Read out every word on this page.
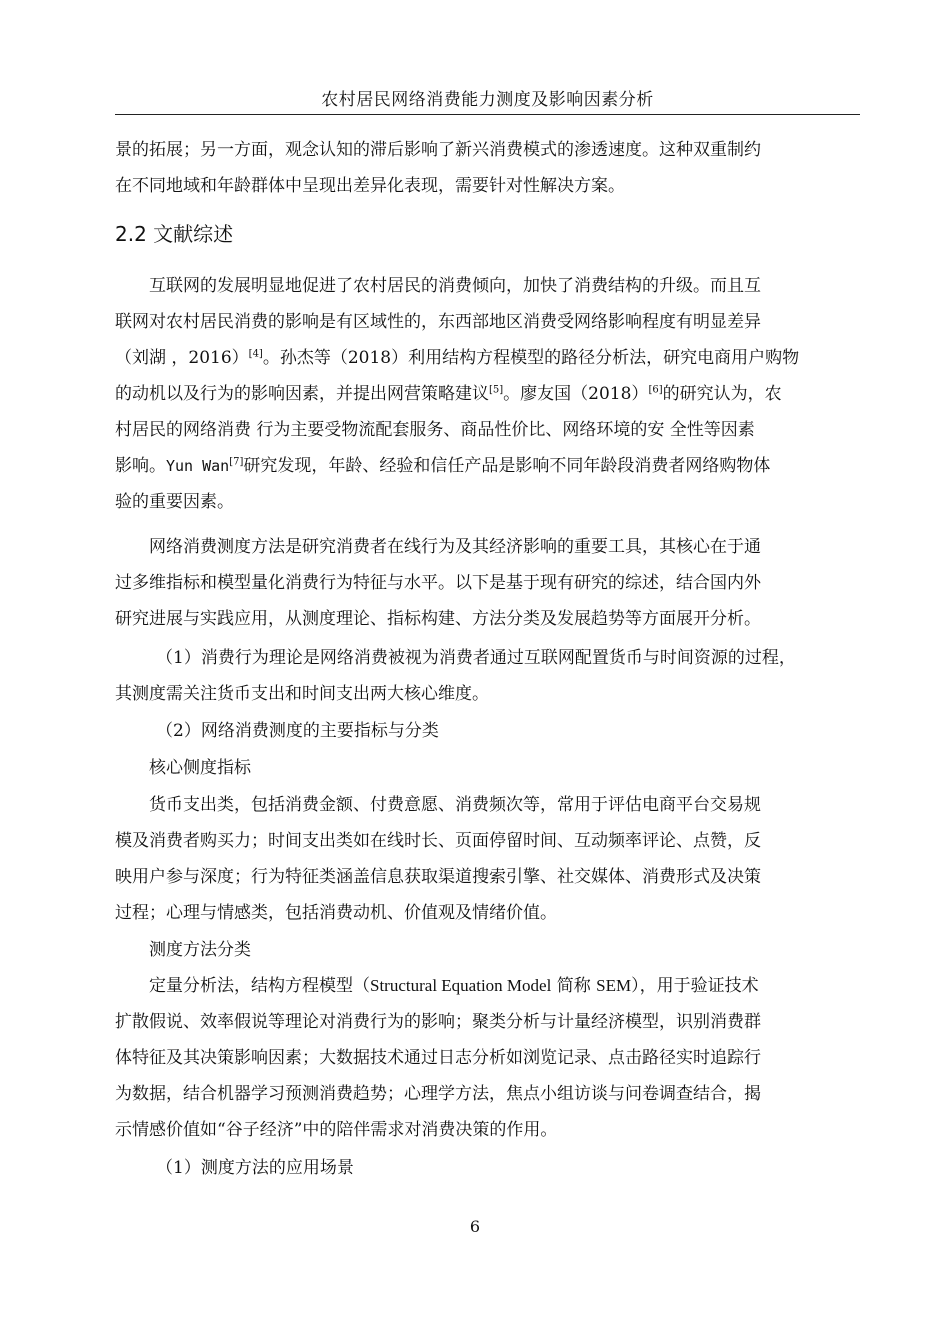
农村居民网络消费能力测度及影响因素分析

景的拓展；另一方面，观念认知的滞后影响了新兴消费模式的渗透速度。这种双重制约

在不同地域和年龄群体中呈现出差异化表现，需要针对性解决方案。

2.2 文献综述

互联网的发展明显地促进了农村居民的消费倾向，加快了消费结构的升级。而且互

联网对农村居民消费的影响是有区域性的，东西部地区消费受网络影响程度有明显差异

（刘湖 ，2016）[4]。孙杰等（2018）利用结构方程模型的路径分析法，研究电商用户购物

的动机以及行为的影响因素，并提出网营策略建议[5]。廖友国（2018）[6]的研究认为，农

村居民的网络消费 行为主要受物流配套服务、商品性价比、网络环境的安 全性等因素

影响。Yun Wan[7]研究发现，年龄、经验和信任产品是影响不同年龄段消费者网络购物体

验的重要因素。

网络消费测度方法是研究消费者在线行为及其经济影响的重要工具，其核心在于通

过多维指标和模型量化消费行为特征与水平。以下是基于现有研究的综述，结合国内外

研究进展与实践应用，从测度理论、指标构建、方法分类及发展趋势等方面展开分析。

（1）消费行为理论是网络消费被视为消费者通过互联网配置货币与时间资源的过程，

其测度需关注货币支出和时间支出两大核心维度。

（2）网络消费测度的主要指标与分类

核心侧度指标

货币支出类，包括消费金额、付费意愿、消费频次等，常用于评估电商平台交易规

模及消费者购买力；时间支出类如在线时长、页面停留时间、互动频率评论、点赞，反

映用户参与深度；行为特征类涵盖信息获取渠道搜索引擎、社交媒体、消费形式及决策

过程；心理与情感类，包括消费动机、价值观及情绪价值。

测度方法分类

定量分析法，结构方程模型（Structural Equation Model 简称 SEM），用于验证技术

扩散假说、效率假说等理论对消费行为的影响；聚类分析与计量经济模型，识别消费群

体特征及其决策影响因素；大数据技术通过日志分析如浏览记录、点击路径实时追踪行

为数据，结合机器学习预测消费趋势；心理学方法，焦点小组访谈与问卷调查结合，揭

示情感价值如“谷子经济”中的陪伴需求对消费决策的作用。

（1）测度方法的应用场景

6
